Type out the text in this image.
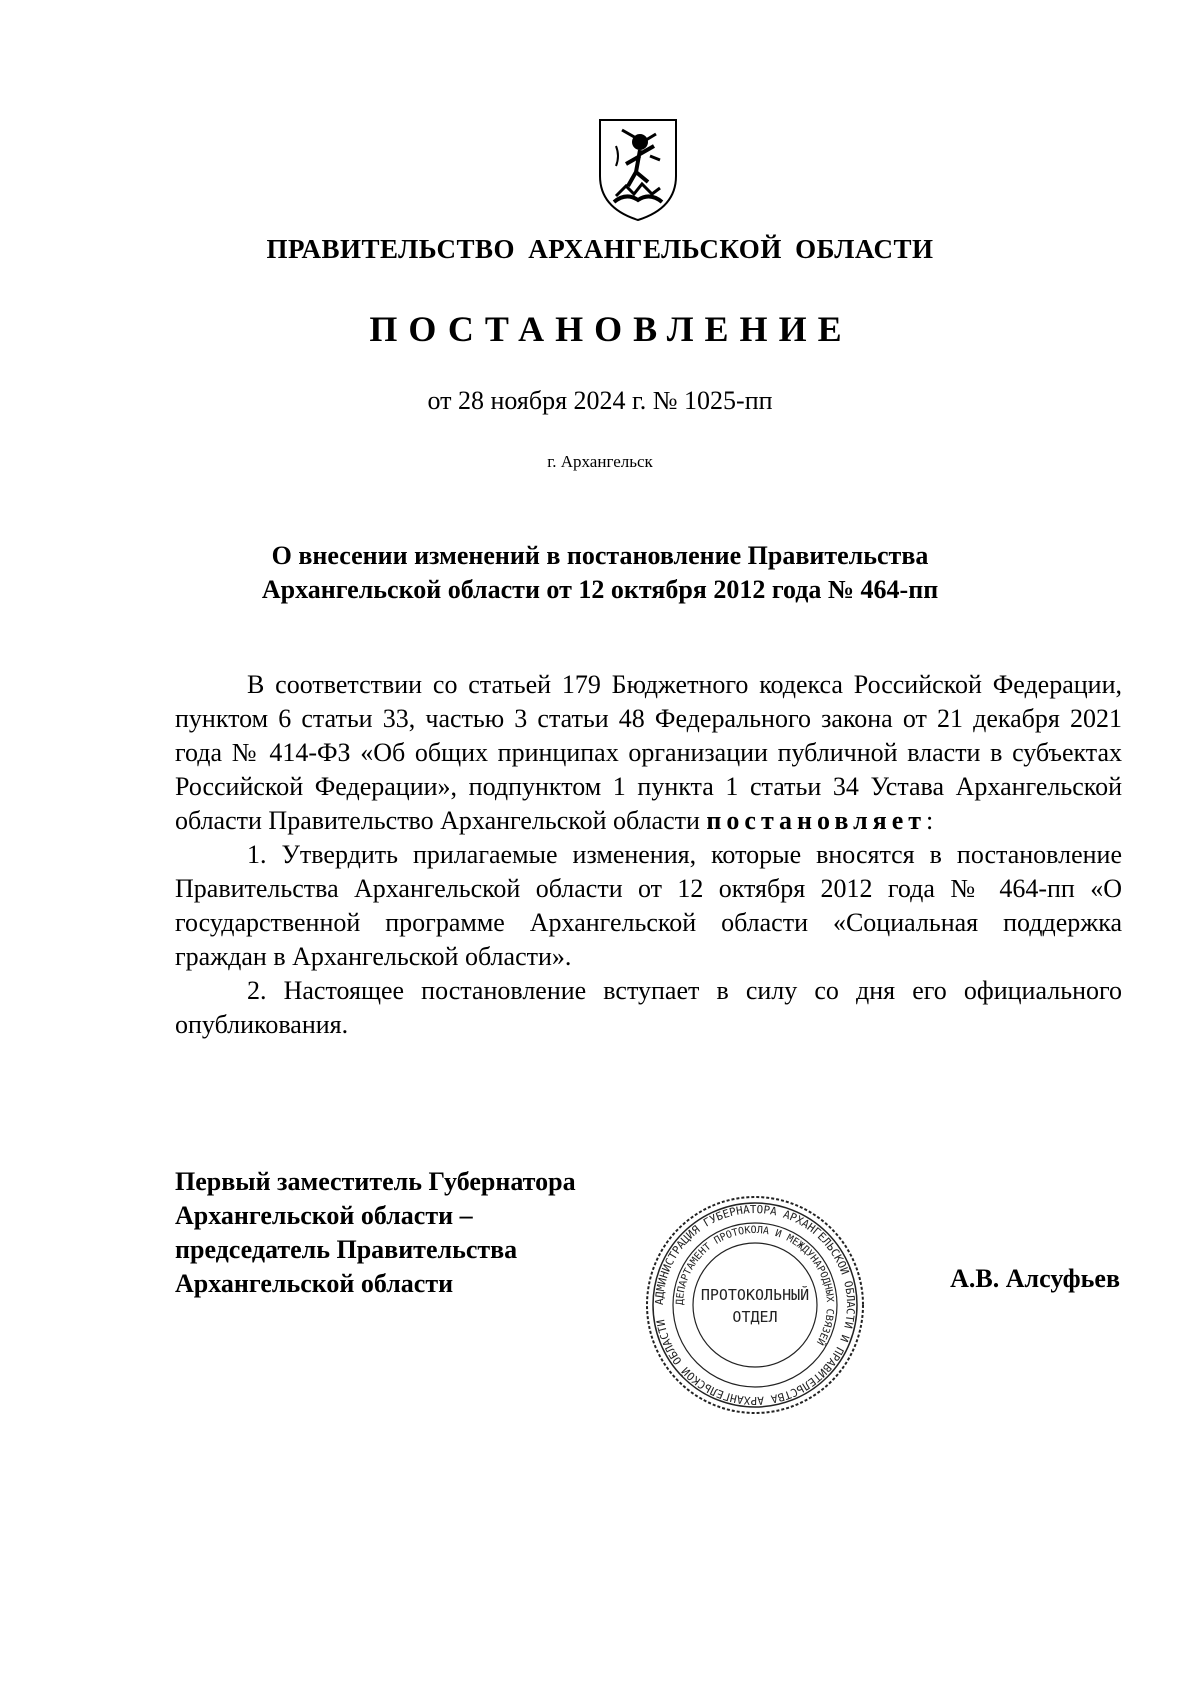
ПРАВИТЕЛЬСТВО АРХАНГЕЛЬСКОЙ ОБЛАСТИ
ПОСТАНОВЛЕНИЕ
от 28 ноября 2024 г. № 1025-пп
г. Архангельск
О внесении изменений в постановление Правительства
Архангельской области от 12 октября 2012 года № 464-пп

В соответствии со статьей 179 Бюджетного кодекса Российской Федерации, пунктом 6 статьи 33, частью 3 статьи 48 Федерального закона от 21 декабря 2021 года № 414-ФЗ «Об общих принципах организации публичной власти в субъектах Российской Федерации», подпунктом 1 пункта 1 статьи 34 Устава Архангельской области Правительство Архангельской области постановляет:

1. Утвердить прилагаемые изменения, которые вносятся в постановление Правительства Архангельской области от 12 октября 2012 года № 464-пп «О государственной программе Архангельской области «Социальная поддержка граждан в Архангельской области».

2. Настоящее постановление вступает в силу со дня его официального опубликования.

Первый заместитель Губернатора
Архангельской области –
председатель Правительства
Архангельской области	А.В. Алсуфьев
АДМИНИСТРАЦИЯ ГУБЕРНАТОРА АРХАНГЕЛЬСКОЙ ОБЛАСТИ И ПРАВИТЕЛЬСТВА АРХАНГЕЛЬСКОЙ ОБЛАСТИ
ДЕПАРТАМЕНТ ПРОТОКОЛА И МЕЖДУНАРОДНЫХ СВЯЗЕЙ
ПРОТОКОЛЬНЫЙ
ОТДЕЛ
